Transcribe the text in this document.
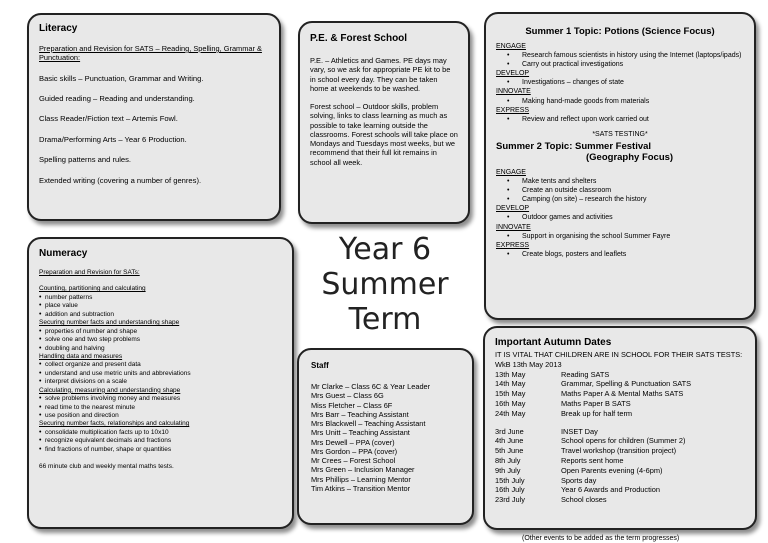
Literacy
Preparation and Revision for SATS – Reading, Spelling, Grammar & Punctuation:
Basic skills – Punctuation, Grammar and Writing.
Guided reading – Reading and understanding.
Class Reader/Fiction text – Artemis Fowl.
Drama/Performing Arts – Year 6 Production.
Spelling patterns and rules.
Extended writing (covering a number of genres).
Numeracy
Preparation and Revision for SATs:
Counting, partitioning and calculating
• number patterns
• place value
• addition and subtraction
Securing number facts and understanding shape
• properties of number and shape
• solve one and two step problems
• doubling and halving
Handling data and measures
• collect organize and present data
• understand and use metric units and abbreviations
• interpret divisions on a scale
Calculating, measuring and understanding shape
• solve problems involving money and measures
• read time to the nearest minute
• use position and direction
Securing number facts, relationships and calculating
• consolidate multiplication facts up to 10x10
• recognize equivalent decimals and fractions
• find fractions of number, shape or quantities
66 minute club and weekly mental maths tests.
P.E. & Forest School
P.E. – Athletics and Games. PE days may vary, so we ask for appropriate PE kit to be in school every day. They can be taken home at weekends to be washed.
Forest school – Outdoor skills, problem solving, links to class learning as much as possible to take learning outside the classrooms. Forest schools will take place on Mondays and Tuesdays most weeks, but we recommend that their full kit remains in school all week.
Year 6
Summer
Term
Staff
Mr Clarke – Class 6C & Year Leader
Mrs Guest – Class 6G
Miss Fletcher – Class 6F
Mrs Barr – Teaching Assistant
Mrs Blackwell – Teaching Assistant
Mrs Unitt – Teaching Assistant
Mrs Dewell – PPA (cover)
Mrs Gordon – PPA (cover)
Mr Crees – Forest School
Mrs Green – Inclusion Manager
Mrs Phillips – Learning Mentor
Tim Atkins – Transition Mentor
Summer 1 Topic: Potions (Science Focus)
ENGAGE
• Research famous scientists in history using the Internet (laptops/ipads)
• Carry out practical investigations
DEVELOP
• Investigations – changes of state
INNOVATE
• Making hand-made goods from materials
EXPRESS
• Review and reflect upon work carried out
*SATS TESTING*
Summer 2 Topic: Summer Festival
(Geography Focus)
ENGAGE
• Make tents and shelters
• Create an outside classroom
• Camping (on site) – research the history
DEVELOP
• Outdoor games and activities
INNOVATE
• Support in organising the school Summer Fayre
EXPRESS
• Create blogs, posters and leaflets
Important Autumn Dates
IT IS VITAL THAT CHILDREN ARE IN SCHOOL FOR THEIR SATS TESTS: WkB 13th May 2013
13th May	Reading SATS
14th May	Grammar, Spelling & Punctuation SATS
15th May	Maths Paper A & Mental Maths SATS
16th May	Maths Paper B SATS
24th May	Break up for half term
3rd June	INSET Day
4th June	School opens for children (Summer 2)
5th June	Travel workshop (transition project)
8th July	Reports sent home
9th July	Open Parents evening (4-6pm)
15th July	Sports day
16th July	Year 6 Awards and Production
23rd July	School closes
(Other events to be added as the term progresses)
